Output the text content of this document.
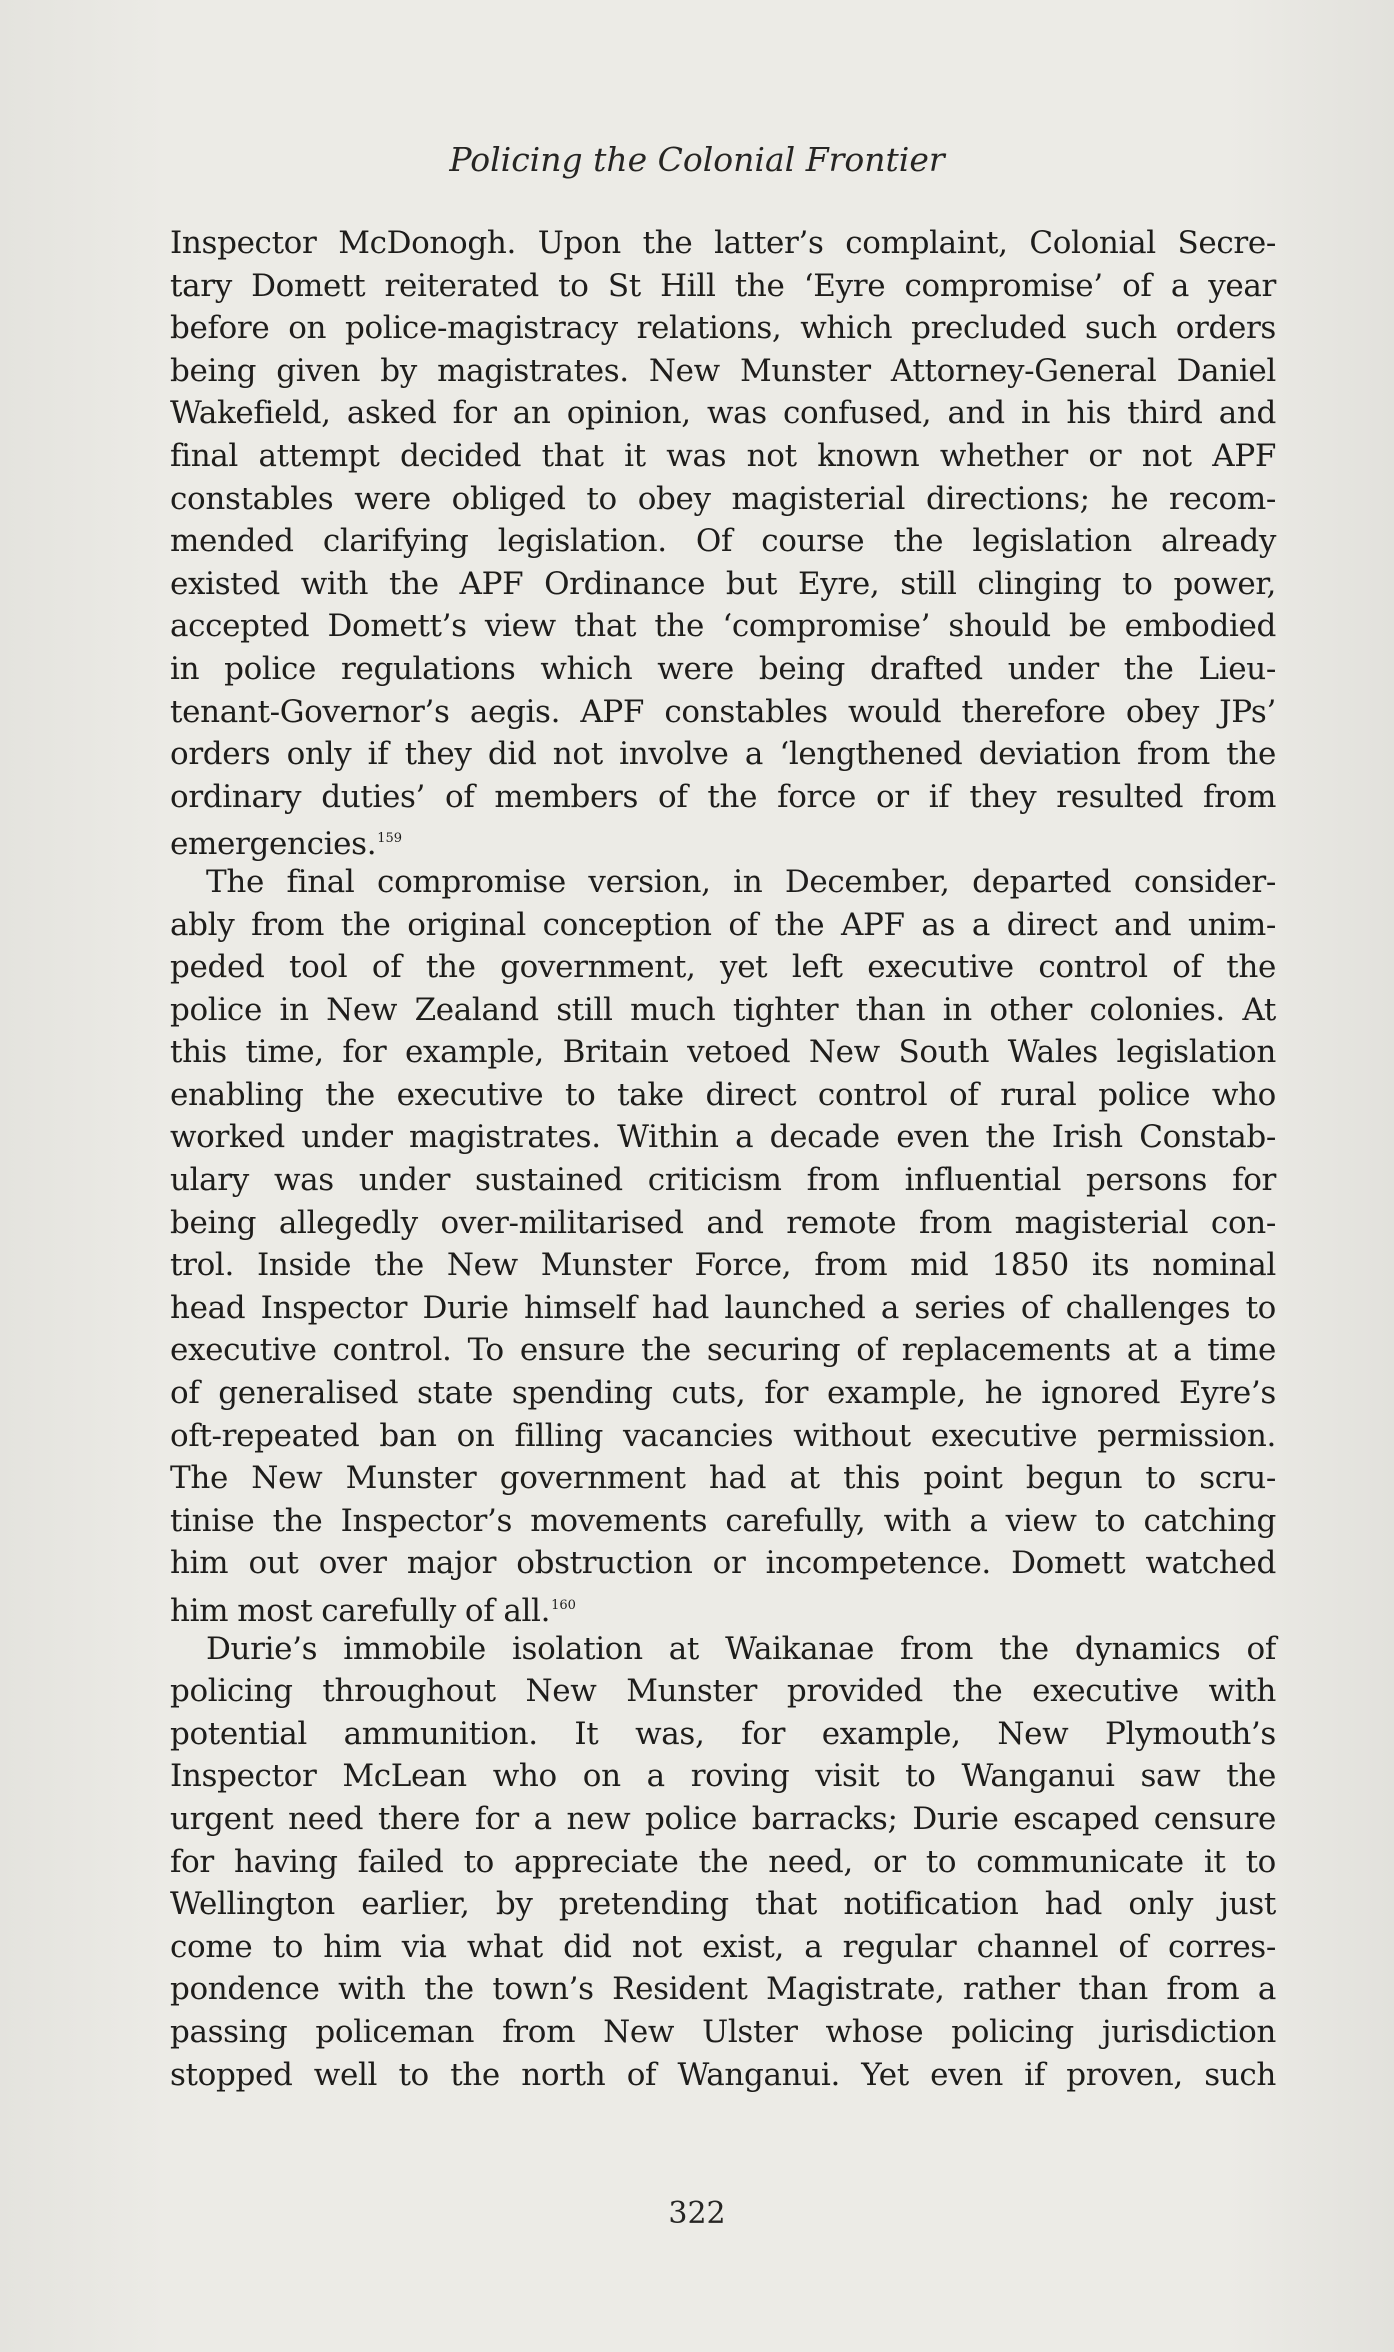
Policing the Colonial Frontier
Inspector McDonogh. Upon the latter’s complaint, Colonial Secre-
tary Domett reiterated to St Hill the ‘Eyre compromise’ of a year
before on police-magistracy relations, which precluded such orders
being given by magistrates. New Munster Attorney-General Daniel
Wakefield, asked for an opinion, was confused, and in his third and
final attempt decided that it was not known whether or not APF
constables were obliged to obey magisterial directions; he recom-
mended clarifying legislation. Of course the legislation already
existed with the APF Ordinance but Eyre, still clinging to power,
accepted Domett’s view that the ‘compromise’ should be embodied
in police regulations which were being drafted under the Lieu-
tenant-Governor’s aegis. APF constables would therefore obey JPs’
orders only if they did not involve a ‘lengthened deviation from the
ordinary duties’ of members of the force or if they resulted from
emergencies.$^{159}$
The final compromise version, in December, departed consider-
ably from the original conception of the APF as a direct and unim-
peded tool of the government, yet left executive control of the
police in New Zealand still much tighter than in other colonies. At
this time, for example, Britain vetoed New South Wales legislation
enabling the executive to take direct control of rural police who
worked under magistrates. Within a decade even the Irish Constab-
ulary was under sustained criticism from influential persons for
being allegedly over-militarised and remote from magisterial con-
trol. Inside the New Munster Force, from mid 1850 its nominal
head Inspector Durie himself had launched a series of challenges to
executive control. To ensure the securing of replacements at a time
of generalised state spending cuts, for example, he ignored Eyre’s
oft-repeated ban on filling vacancies without executive permission.
The New Munster government had at this point begun to scru-
tinise the Inspector’s movements carefully, with a view to catching
him out over major obstruction or incompetence. Domett watched
him most carefully of all.$^{160}$
Durie’s immobile isolation at Waikanae from the dynamics of
policing throughout New Munster provided the executive with
potential ammunition. It was, for example, New Plymouth’s
Inspector McLean who on a roving visit to Wanganui saw the
urgent need there for a new police barracks; Durie escaped censure
for having failed to appreciate the need, or to communicate it to
Wellington earlier, by pretending that notification had only just
come to him via what did not exist, a regular channel of corres-
pondence with the town’s Resident Magistrate, rather than from a
passing policeman from New Ulster whose policing jurisdiction
stopped well to the north of Wanganui. Yet even if proven, such
322
